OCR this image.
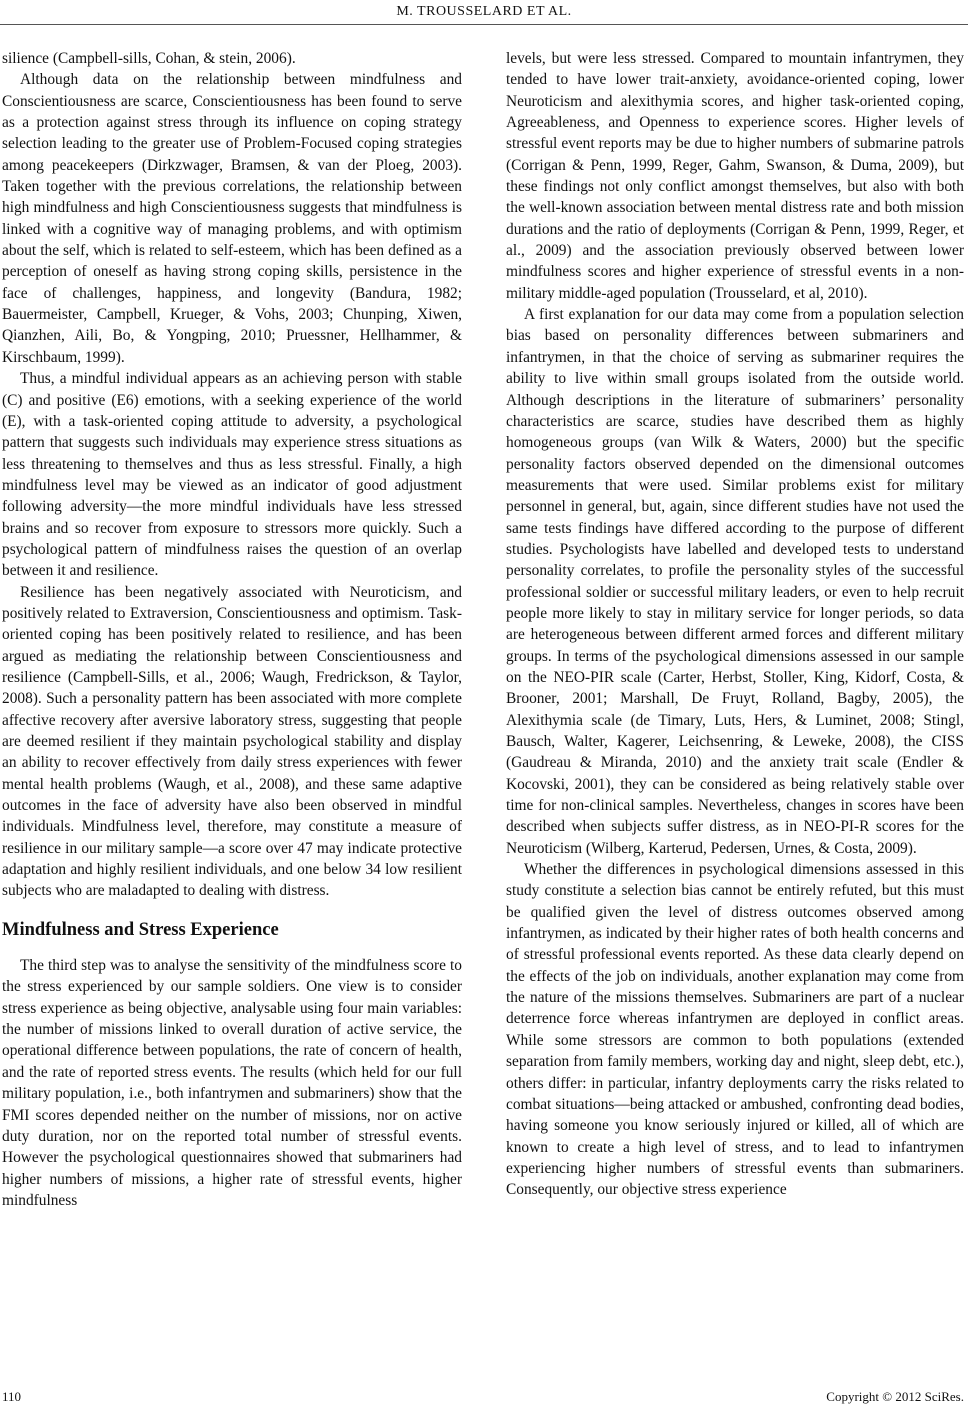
M. TROUSSELARD ET AL.

silience (Campbell-sills, Cohan, & stein, 2006).

Although data on the relationship between mindfulness and Conscientiousness are scarce, Conscientiousness has been found to serve as a protection against stress through its influence on coping strategy selection leading to the greater use of Problem-Focused coping strategies among peacekeepers (Dirkzwager, Bramsen, & van der Ploeg, 2003). Taken together with the previous correlations, the relationship between high mindfulness and high Conscientiousness suggests that mindfulness is linked with a cognitive way of managing problems, and with optimism about the self, which is related to self-esteem, which has been defined as a perception of oneself as having strong coping skills, persistence in the face of challenges, happiness, and longevity (Bandura, 1982; Bauermeister, Campbell, Krueger, & Vohs, 2003; Chunping, Xiwen, Qianzhen, Aili, Bo, & Yongping, 2010; Pruessner, Hellhammer, & Kirschbaum, 1999).

Thus, a mindful individual appears as an achieving person with stable (C) and positive (E6) emotions, with a seeking experience of the world (E), with a task-oriented coping attitude to adversity, a psychological pattern that suggests such individuals may experience stress situations as less threatening to themselves and thus as less stressful. Finally, a high mindfulness level may be viewed as an indicator of good adjustment following adversity—the more mindful individuals have less stressed brains and so recover from exposure to stressors more quickly. Such a psychological pattern of mindfulness raises the question of an overlap between it and resilience.

Resilience has been negatively associated with Neuroticism, and positively related to Extraversion, Conscientiousness and optimism. Task-oriented coping has been positively related to resilience, and has been argued as mediating the relationship between Conscientiousness and resilience (Campbell-Sills, et al., 2006; Waugh, Fredrickson, & Taylor, 2008). Such a personality pattern has been associated with more complete affective recovery after aversive laboratory stress, suggesting that people are deemed resilient if they maintain psychological stability and display an ability to recover effectively from daily stress experiences with fewer mental health problems (Waugh, et al., 2008), and these same adaptive outcomes in the face of adversity have also been observed in mindful individuals. Mindfulness level, therefore, may constitute a measure of resilience in our military sample—a score over 47 may indicate protective adaptation and highly resilient individuals, and one below 34 low resilient subjects who are maladapted to dealing with distress.

Mindfulness and Stress Experience

The third step was to analyse the sensitivity of the mindfulness score to the stress experienced by our sample soldiers. One view is to consider stress experience as being objective, analysable using four main variables: the number of missions linked to overall duration of active service, the operational difference between populations, the rate of concern of health, and the rate of reported stress events. The results (which held for our full military population, i.e., both infantrymen and submariners) show that the FMI scores depended neither on the number of missions, nor on active duty duration, nor on the reported total number of stressful events. However the psychological questionnaires showed that submariners had higher numbers of missions, a higher rate of stressful events, higher mindfulness

levels, but were less stressed. Compared to mountain infantrymen, they tended to have lower trait-anxiety, avoidance-oriented coping, lower Neuroticism and alexithymia scores, and higher task-oriented coping, Agreeableness, and Openness to experience scores. Higher levels of stressful event reports may be due to higher numbers of submarine patrols (Corrigan & Penn, 1999, Reger, Gahm, Swanson, & Duma, 2009), but these findings not only conflict amongst themselves, but also with both the well-known association between mental distress rate and both mission durations and the ratio of deployments (Corrigan & Penn, 1999, Reger, et al., 2009) and the association previously observed between lower mindfulness scores and higher experience of stressful events in a non-military middle-aged population (Trousselard, et al, 2010).

A first explanation for our data may come from a population selection bias based on personality differences between submariners and infantrymen, in that the choice of serving as submariner requires the ability to live within small groups isolated from the outside world. Although descriptions in the literature of submariners’ personality characteristics are scarce, studies have described them as highly homogeneous groups (van Wilk & Waters, 2000) but the specific personality factors observed depended on the dimensional outcomes measurements that were used. Similar problems exist for military personnel in general, but, again, since different studies have not used the same tests findings have differed according to the purpose of different studies. Psychologists have labelled and developed tests to understand personality correlates, to profile the personality styles of the successful professional soldier or successful military leaders, or even to help recruit people more likely to stay in military service for longer periods, so data are heterogeneous between different armed forces and different military groups. In terms of the psychological dimensions assessed in our sample on the NEO-PIR scale (Carter, Herbst, Stoller, King, Kidorf, Costa, & Brooner, 2001; Marshall, De Fruyt, Rolland, Bagby, 2005), the Alexithymia scale (de Timary, Luts, Hers, & Luminet, 2008; Stingl, Bausch, Walter, Kagerer, Leichsenring, & Leweke, 2008), the CISS (Gaudreau & Miranda, 2010) and the anxiety trait scale (Endler & Kocovski, 2001), they can be considered as being relatively stable over time for non-clinical samples. Nevertheless, changes in scores have been described when subjects suffer distress, as in NEO-PI-R scores for the Neuroticism (Wilberg, Karterud, Pedersen, Urnes, & Costa, 2009).

Whether the differences in psychological dimensions assessed in this study constitute a selection bias cannot be entirely refuted, but this must be qualified given the level of distress outcomes observed among infantrymen, as indicated by their higher rates of both health concerns and of stressful professional events reported. As these data clearly depend on the effects of the job on individuals, another explanation may come from the nature of the missions themselves. Submariners are part of a nuclear deterrence force whereas infantrymen are deployed in conflict areas. While some stressors are common to both populations (extended separation from family members, working day and night, sleep debt, etc.), others differ: in particular, infantry deployments carry the risks related to combat situations—being attacked or ambushed, confronting dead bodies, having someone you know seriously injured or killed, all of which are known to create a high level of stress, and to lead to infantrymen experiencing higher numbers of stressful events than submariners. Consequently, our objective stress experience

110	Copyright © 2012 SciRes.
